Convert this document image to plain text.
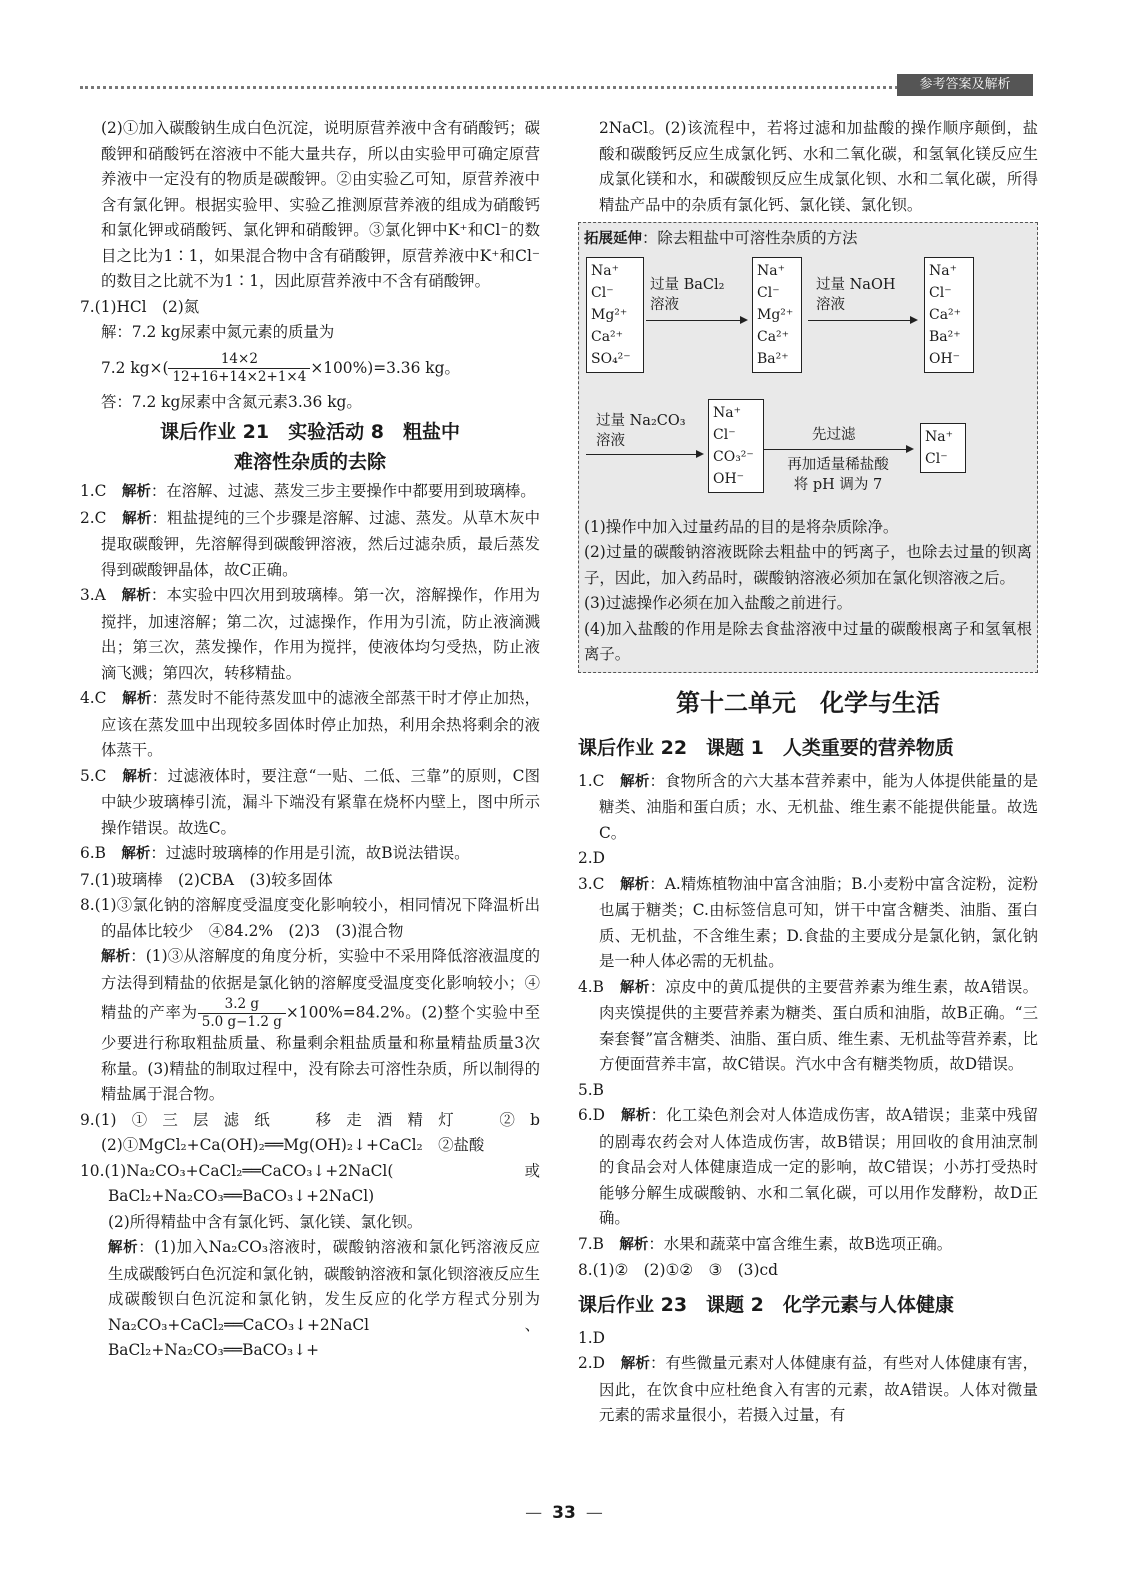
参考答案及解析

(2)①加入碳酸钠生成白色沉淀，说明原营养液中含有硝酸钙；碳酸钾和硝酸钙在溶液中不能大量共存，所以由实验甲可确定原营养液中一定没有的物质是碳酸钾。②由实验乙可知，原营养液中含有氯化钾。根据实验甲、实验乙推测原营养液的组成为硝酸钙和氯化钾或硝酸钙、氯化钾和硝酸钾。③氯化钾中K⁺和Cl⁻的数目之比为1∶1，如果混合物中含有硝酸钾，原营养液中K⁺和Cl⁻的数目之比就不为1∶1，因此原营养液中不含有硝酸钾。

7.(1)HCl　(2)氮

解：7.2 kg尿素中氮元素的质量为

7.2 $kg\times( \frac{14\times 2}{12+16+14\times 2+1\times 4} \times 100\%)=3.36$ kg。

答：7.2 kg尿素中含氮元素3.36 kg。

课后作业 21　实验活动 8　粗盐中
难溶性杂质的去除

1.C　解析：在溶解、过滤、蒸发三步主要操作中都要用到玻璃棒。

2.C　解析：粗盐提纯的三个步骤是溶解、过滤、蒸发。从草木灰中提取碳酸钾，先溶解得到碳酸钾溶液，然后过滤杂质，最后蒸发得到碳酸钾晶体，故C正确。

3.A　解析：本实验中四次用到玻璃棒。第一次，溶解操作，作用为搅拌，加速溶解；第二次，过滤操作，作用为引流，防止液滴溅出；第三次，蒸发操作，作用为搅拌，使液体均匀受热，防止液滴飞溅；第四次，转移精盐。

4.C　解析：蒸发时不能待蒸发皿中的滤液全部蒸干时才停止加热，应该在蒸发皿中出现较多固体时停止加热，利用余热将剩余的液体蒸干。

5.C　解析：过滤液体时，要注意“一贴、二低、三靠”的原则，C图中缺少玻璃棒引流，漏斗下端没有紧靠在烧杯内壁上，图中所示操作错误。故选C。

6.B　解析：过滤时玻璃棒的作用是引流，故B说法错误。

7.(1)玻璃棒　(2)CBA　(3)较多固体

8.(1)③氯化钠的溶解度受温度变化影响较小，相同情况下降温析出的晶体比较少　④84.2%　(2)3　(3)混合物

解析：(1)③从溶解度的角度分析，实验中不采用降低溶液温度的方法得到精盐的依据是氯化钠的溶解度受温度变化影响较小；④精盐的产率为 $\frac{3.2 g}{5.0 g-1.2 g} \times 100\%=84.2\%$。(2)整个实验中至少要进行称取粗盐质量、称量剩余粗盐质量和称量精盐质量3次称量。(3)精盐的制取过程中，没有除去可溶性杂质，所以制得的精盐属于混合物。

9.(1)①三层滤纸　移走酒精灯　②b　(2)①MgCl₂+Ca(OH)₂══Mg(OH)₂↓+CaCl₂　②盐酸

10.(1)Na₂CO₃+CaCl₂══CaCO₃↓+2NaCl(或BaCl₂+Na₂CO₃══BaCO₃↓+2NaCl)

(2)所得精盐中含有氯化钙、氯化镁、氯化钡。

解析：(1)加入Na₂CO₃溶液时，碳酸钠溶液和氯化钙溶液反应生成碳酸钙白色沉淀和氯化钠，碳酸钠溶液和氯化钡溶液反应生成碳酸钡白色沉淀和氯化钠，发生反应的化学方程式分别为Na₂CO₃+CaCl₂══CaCO₃↓+2NaCl、BaCl₂+Na₂CO₃══BaCO₃↓+

2NaCl。(2)该流程中，若将过滤和加盐酸的操作顺序颠倒，盐酸和碳酸钙反应生成氯化钙、水和二氧化碳，和氢氧化镁反应生成氯化镁和水，和碳酸钡反应生成氯化钡、水和二氧化碳，所得精盐产品中的杂质有氯化钙、氯化镁、氯化钡。

拓展延伸：除去粗盐中可溶性杂质的方法
Na⁺
Cl⁻
Mg²⁺
Ca²⁺
SO₄²⁻
过量 BaCl₂
溶液
Na⁺
Cl⁻
Mg²⁺
Ca²⁺
Ba²⁺
过量 NaOH
溶液
Na⁺
Cl⁻
Ca²⁺
Ba²⁺
OH⁻
过量 Na₂CO₃
溶液
Na⁺
Cl⁻
CO₃²⁻
OH⁻
先过滤
再加适量稀盐酸
将 pH 调为 7
Na⁺
Cl⁻

(1)操作中加入过量药品的目的是将杂质除净。

(2)过量的碳酸钠溶液既除去粗盐中的钙离子，也除去过量的钡离子，因此，加入药品时，碳酸钠溶液必须加在氯化钡溶液之后。

(3)过滤操作必须在加入盐酸之前进行。

(4)加入盐酸的作用是除去食盐溶液中过量的碳酸根离子和氢氧根离子。

第十二单元　化学与生活
课后作业 22　课题 1　人类重要的营养物质

1.C　解析：食物所含的六大基本营养素中，能为人体提供能量的是糖类、油脂和蛋白质；水、无机盐、维生素不能提供能量。故选C。

2.D

3.C　解析：A.精炼植物油中富含油脂；B.小麦粉中富含淀粉，淀粉也属于糖类；C.由标签信息可知，饼干中富含糖类、油脂、蛋白质、无机盐，不含维生素；D.食盐的主要成分是氯化钠，氯化钠是一种人体必需的无机盐。

4.B　解析：凉皮中的黄瓜提供的主要营养素为维生素，故A错误。肉夹馍提供的主要营养素为糖类、蛋白质和油脂，故B正确。“三秦套餐”富含糖类、油脂、蛋白质、维生素、无机盐等营养素，比方便面营养丰富，故C错误。汽水中含有糖类物质，故D错误。

5.B

6.D　解析：化工染色剂会对人体造成伤害，故A错误；韭菜中残留的剧毒农药会对人体造成伤害，故B错误；用回收的食用油烹制的食品会对人体健康造成一定的影响，故C错误；小苏打受热时能够分解生成碳酸钠、水和二氧化碳，可以用作发酵粉，故D正确。

7.B　解析：水果和蔬菜中富含维生素，故B选项正确。

8.(1)②　(2)①②　③　(3)cd

课后作业 23　课题 2　化学元素与人体健康

1.D

2.D　解析：有些微量元素对人体健康有益，有些对人体健康有害，因此，在饮食中应杜绝食入有害的元素，故A错误。人体对微量元素的需求量很小，若摄入过量，有

— 33 —
